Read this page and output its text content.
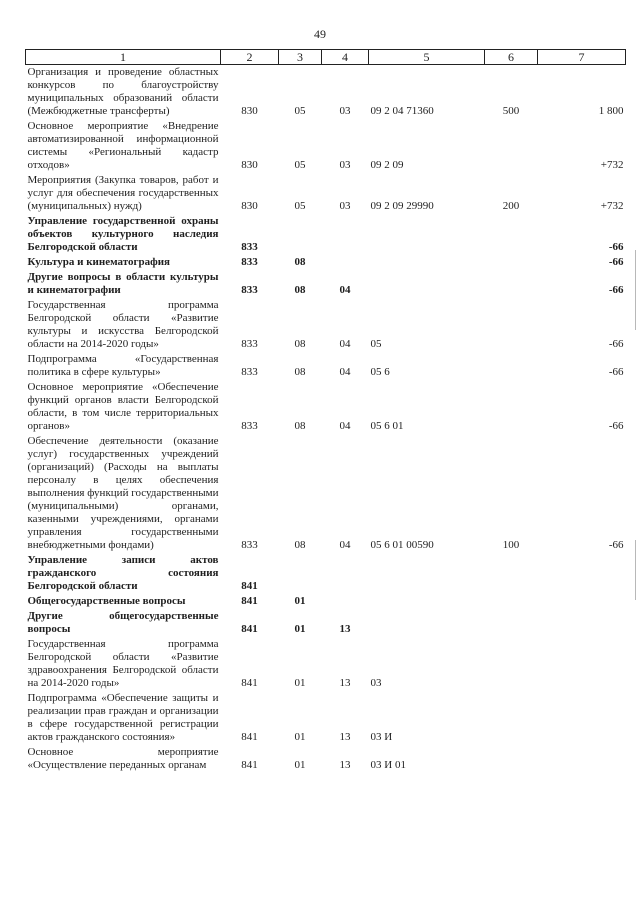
49
1	2	3	4	5	6	7
Организация и проведение областных конкурсов по благоустройству муниципальных образований области (Межбюджетные трансферты)	830	05	03	09 2 04 71360	500	1 800
Основное мероприятие «Внедрение автоматизированной информационной системы «Региональный кадастр отходов»	830	05	03	09 2 09		+732
Мероприятия (Закупка товаров, работ и услуг для обеспечения государственных (муниципальных) нужд)	830	05	03	09 2 09 29990	200	+732
Управление государственной охраны объектов культурного наследия Белгородской области	833					-66
Культура и кинематография	833	08				-66
Другие вопросы в области культуры и кинематографии	833	08	04			-66
Государственная программа Белгородской области «Развитие культуры и искусства Белгородской области на 2014-2020 годы»	833	08	04	05		-66
Подпрограмма «Государственная политика в сфере культуры»	833	08	04	05 6		-66
Основное мероприятие «Обеспечение функций органов власти Белгородской области, в том числе территориальных органов»	833	08	04	05 6 01		-66
Обеспечение деятельности (оказание услуг) государственных учреждений (организаций) (Расходы на выплаты персоналу в целях обеспечения выполнения функций государственными (муниципальными) органами, казенными учреждениями, органами управления государственными внебюджетными фондами)	833	08	04	05 6 01 00590	100	-66
Управление записи актов гражданского состояния Белгородской области	841					
Общегосударственные вопросы	841	01				
Другие общегосударственные вопросы	841	01	13			
Государственная программа Белгородской области «Развитие здравоохранения Белгородской области на 2014-2020 годы»	841	01	13	03		
Подпрограмма «Обеспечение защиты и реализации прав граждан и организации в сфере государственной регистрации актов гражданского состояния»	841	01	13	03 И		
Основное мероприятие «Осуществление переданных органам	841	01	13	03 И 01		
